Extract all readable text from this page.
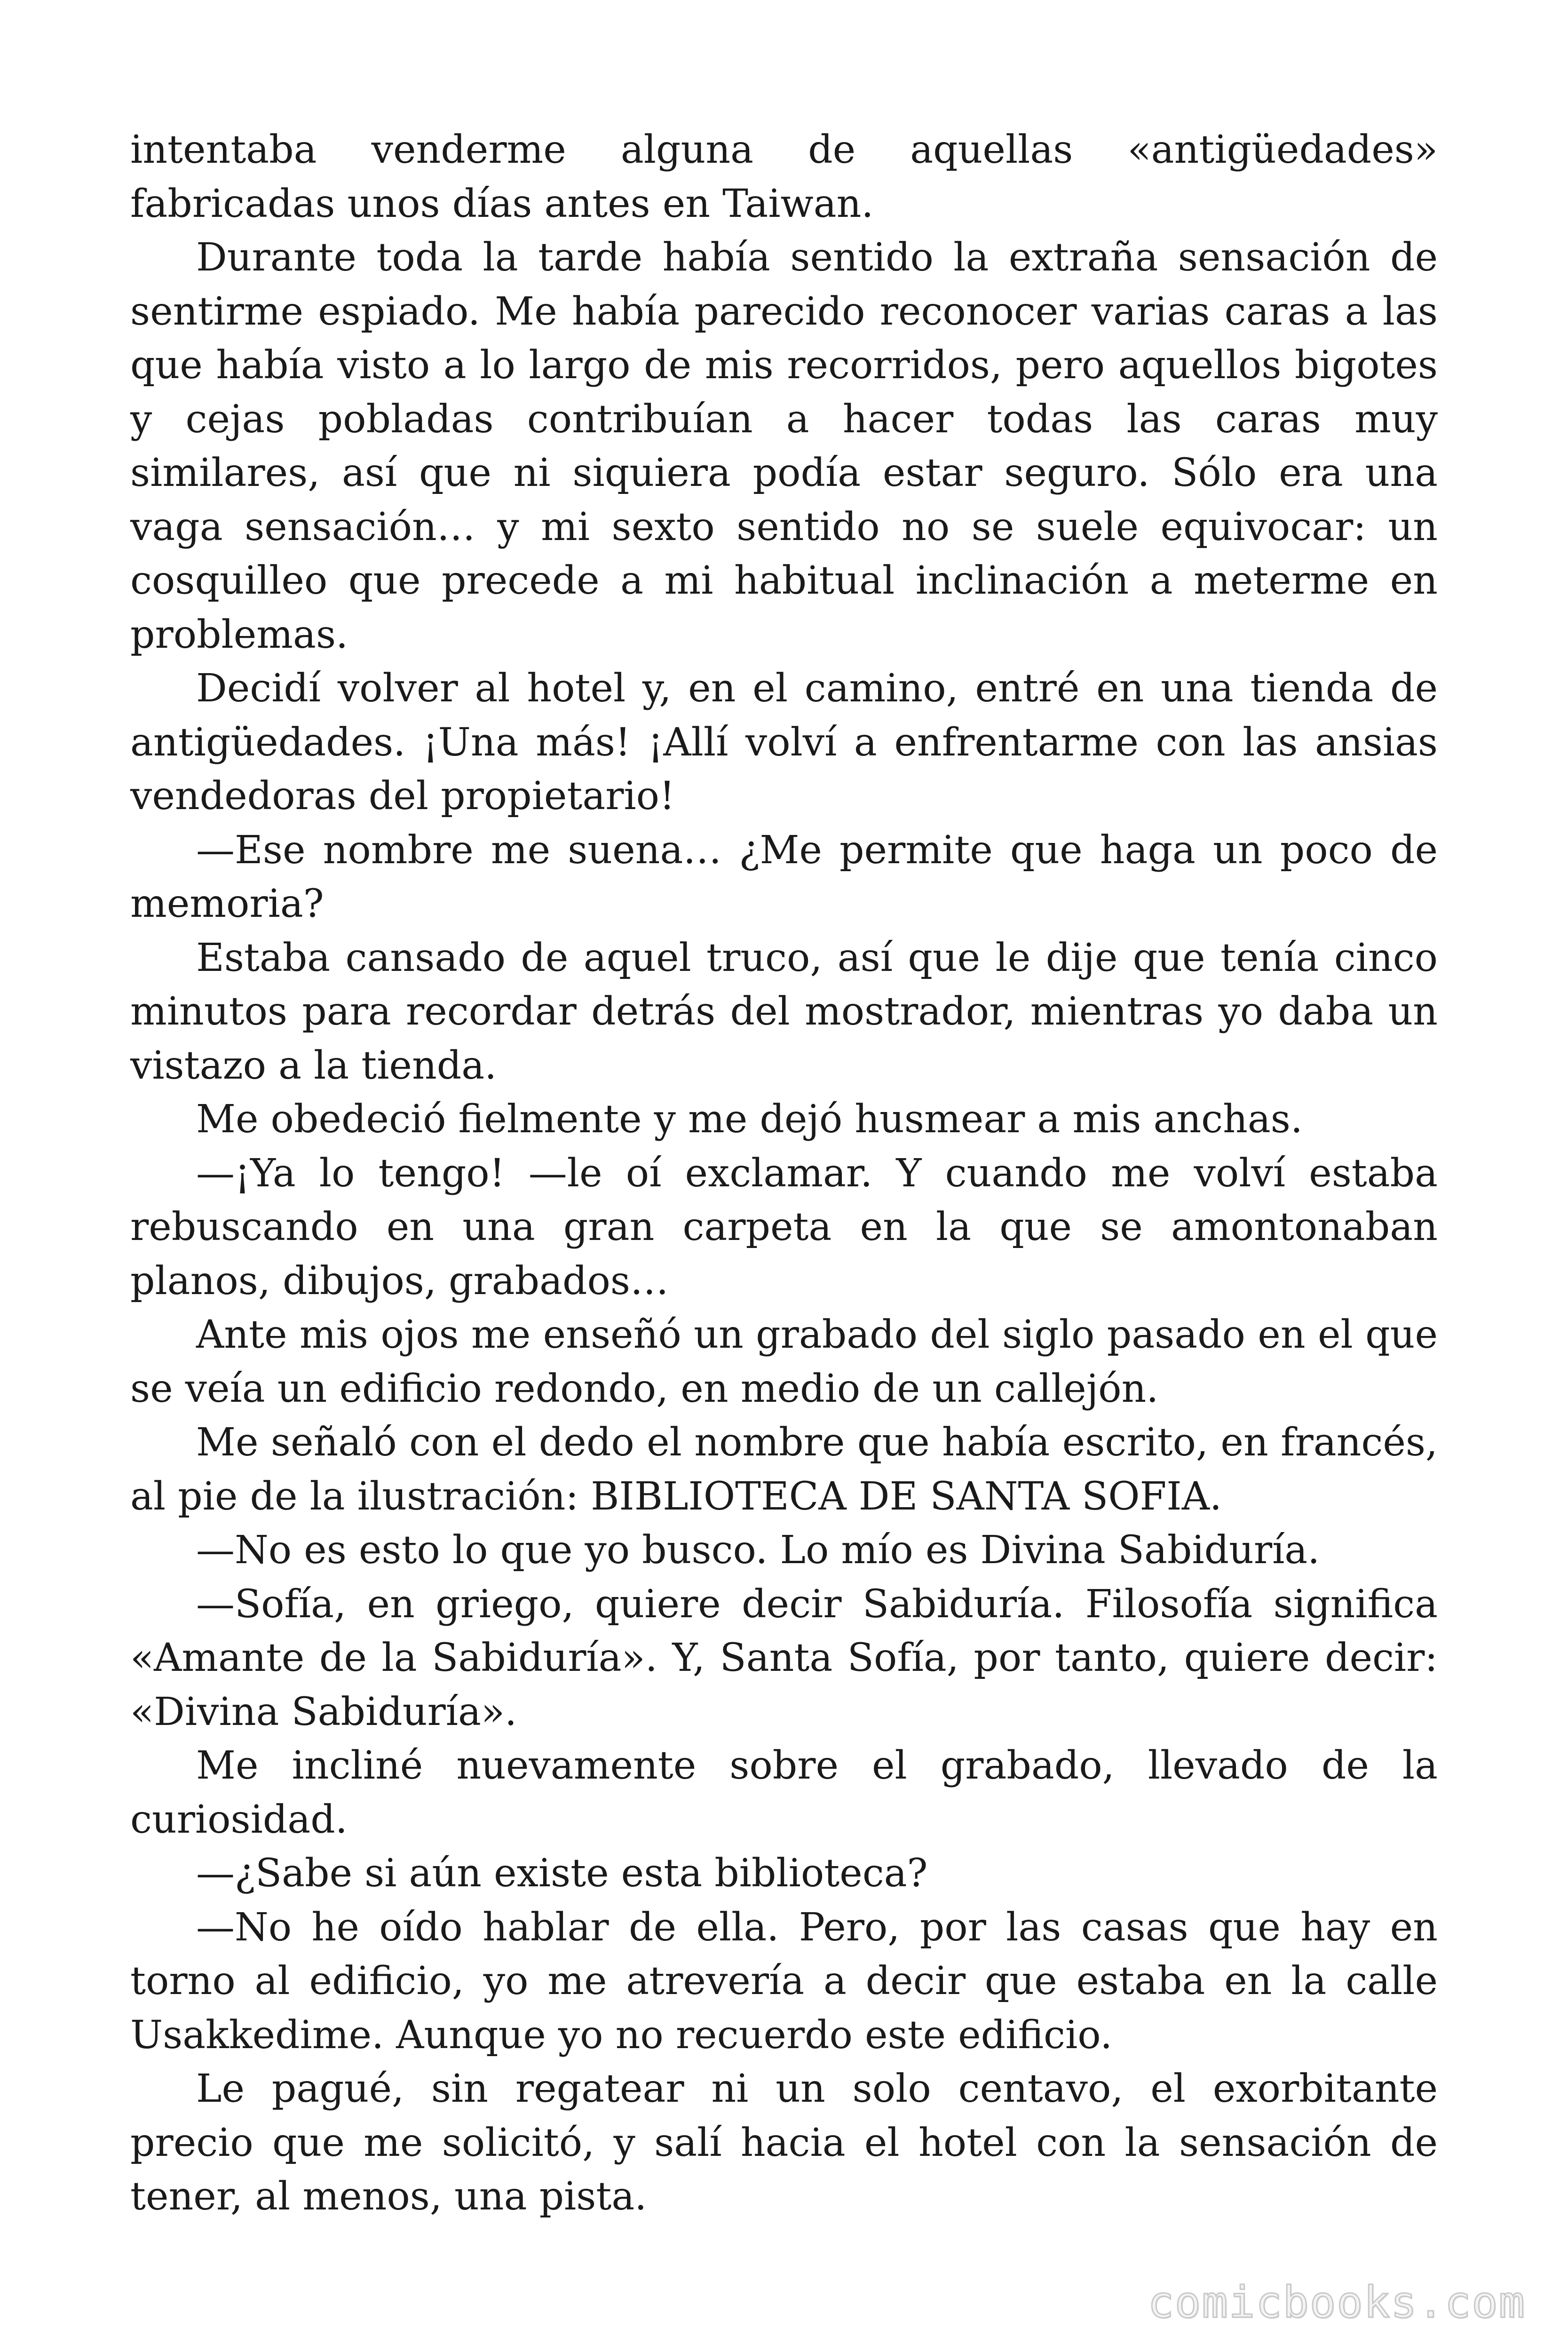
intentaba venderme alguna de aquellas «antigüedades» fabricadas unos días antes en Taiwan.

Durante toda la tarde había sentido la extraña sensación de sentirme espiado. Me había parecido reconocer varias caras a las que había visto a lo largo de mis recorridos, pero aquellos bigotes y cejas pobladas contribuían a hacer todas las caras muy similares, así que ni siquiera podía estar seguro. Sólo era una vaga sensación… y mi sexto sentido no se suele equivocar: un cosquilleo que precede a mi habitual inclinación a meterme en problemas.

Decidí volver al hotel y, en el camino, entré en una tienda de antigüedades. ¡Una más! ¡Allí volví a enfrentarme con las ansias vendedoras del propietario!

—Ese nombre me suena… ¿Me permite que haga un poco de memoria?

Estaba cansado de aquel truco, así que le dije que tenía cinco minutos para recordar detrás del mostrador, mientras yo daba un vistazo a la tienda.

Me obedeció fielmente y me dejó husmear a mis anchas.

—¡Ya lo tengo! —le oí exclamar. Y cuando me volví estaba rebuscando en una gran carpeta en la que se amontonaban planos, dibujos, grabados…

Ante mis ojos me enseñó un grabado del siglo pasado en el que se veía un edificio redondo, en medio de un callejón.

Me señaló con el dedo el nombre que había escrito, en francés, al pie de la ilustración: BIBLIOTECA DE SANTA SOFIA.

—No es esto lo que yo busco. Lo mío es Divina Sabiduría.

—Sofía, en griego, quiere decir Sabiduría. Filosofía significa «Amante de la Sabiduría». Y, Santa Sofía, por tanto, quiere decir: «Divina Sabiduría».

Me incliné nuevamente sobre el grabado, llevado de la curiosidad.

—¿Sabe si aún existe esta biblioteca?

—No he oído hablar de ella. Pero, por las casas que hay en torno al edificio, yo me atrevería a decir que estaba en la calle Usakkedime. Aunque yo no recuerdo este edificio.

Le pagué, sin regatear ni un solo centavo, el exorbitante precio que me solicitó, y salí hacia el hotel con la sensación de tener, al menos, una pista.

comicbooks.com
